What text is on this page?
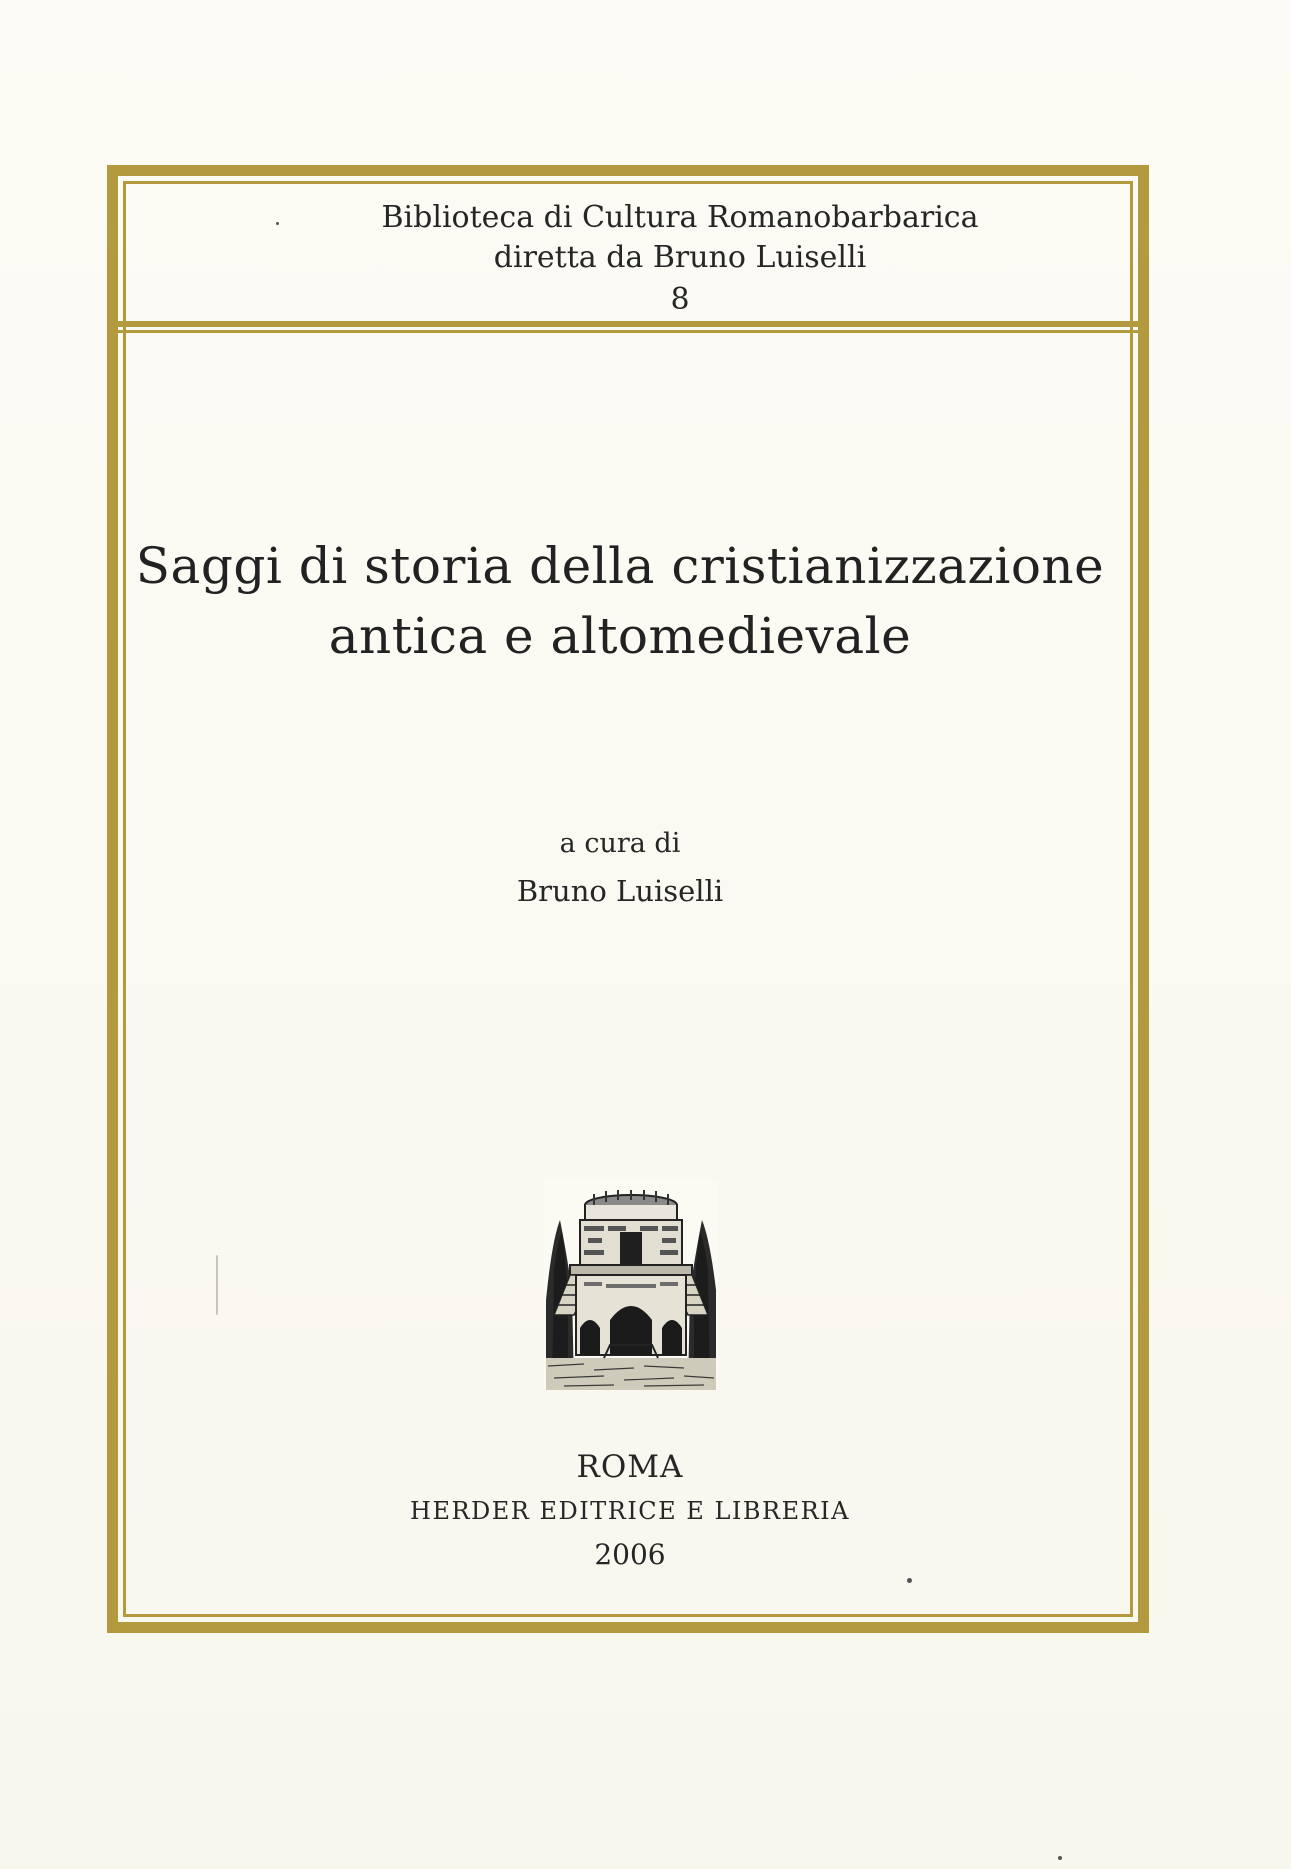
Biblioteca di Cultura Romanobarbarica
diretta da Bruno Luiselli
8
Saggi di storia della cristianizzazione
antica e altomedievale
a cura di
Bruno Luiselli
ROMA
HERDER EDITRICE E LIBRERIA
2006
